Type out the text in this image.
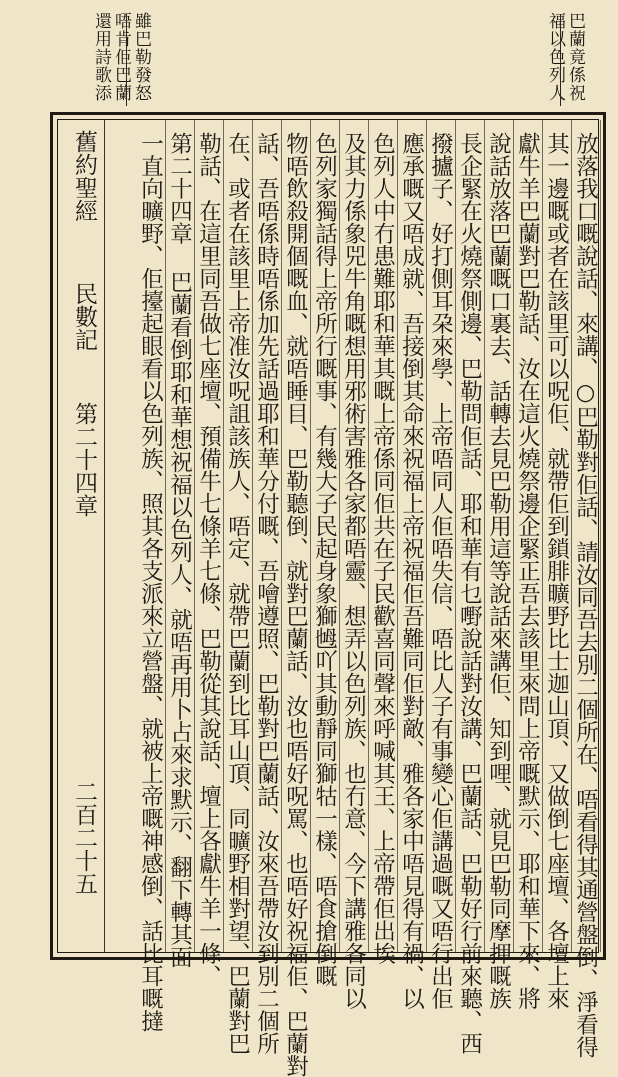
巴蘭竟係祝
福以色列人
雖巴勒發怒
唔肯佢巴蘭
還用詩歌添
舊約聖經
民數記
第二十四章
二百二十五	放落我口嘅說話、來講、○巴勒對佢話、請汝同吾去別二個所在、唔看得其通營盤倒、淨看得
其一邊嘅或者在該里可以呪佢、就帶佢到鎖腓曠野比士迦山頂、又做倒七座壇、各壇上來
獻牛羊巴蘭對巴勒話、汝在這火燒祭邊企緊正吾去該里來問上帝嘅默示、耶和華下來、將
說話放落巴蘭嘅口裏去、話轉去見巴勒用這等說話來講佢、知到哩、就見巴勒同摩押嘅族
長企緊在火燒祭側邊、巴勒問佢話、耶和華有乜嘢說話對汝講、巴蘭話、巴勒好行前來聽、西
撥攎子、好打側耳朶來學、上帝唔同人佢唔失信、唔比人子有事變心佢講過嘅又唔行出佢
應承嘅又唔成就、吾接倒其命來祝福上帝祝福佢吾難同佢對敵、雅各家中唔見得有禍、以
色列人中冇患難耶和華其嘅上帝係同佢共在子民歡喜同聲來呼喊其王、上帝帶佢出埃
及其力係象兕牛角嘅想用邪術害雅各家都唔靈、想弄以色列族、也冇意、今下講雅各同以
色列家獨話得上帝所行嘅事、有幾大子民起身象獅乸吖其動靜同獅牯一樣、唔食搶倒嘅
物唔飲殺開個嘅血、就唔睡目、巴勒聽倒、就對巴蘭話、汝也唔好呪罵、也唔好祝福佢、巴蘭對
話、吾唔係時唔係加先話過耶和華分付嘅、吾噲遵照、巴勒對巴蘭話、汝來吾帶汝到別二個所
在、或者在該里上帝准汝呪詛該族人、唔定、就帶巴蘭到比耳山頂、同曠野相對望、巴蘭對巴
勒話、在這里同吾做七座壇、預備牛七條羊七條、巴勒從其說話、壇上各獻牛羊一條、
第二十四章 巴蘭看倒耶和華想祝福以色列人、就唔再用卜占來求默示、翻下轉其面
一直向曠野、佢擡起眼看以色列族、照其各支派來立營盤、就被上帝嘅神感倒、話比耳嘅撻
